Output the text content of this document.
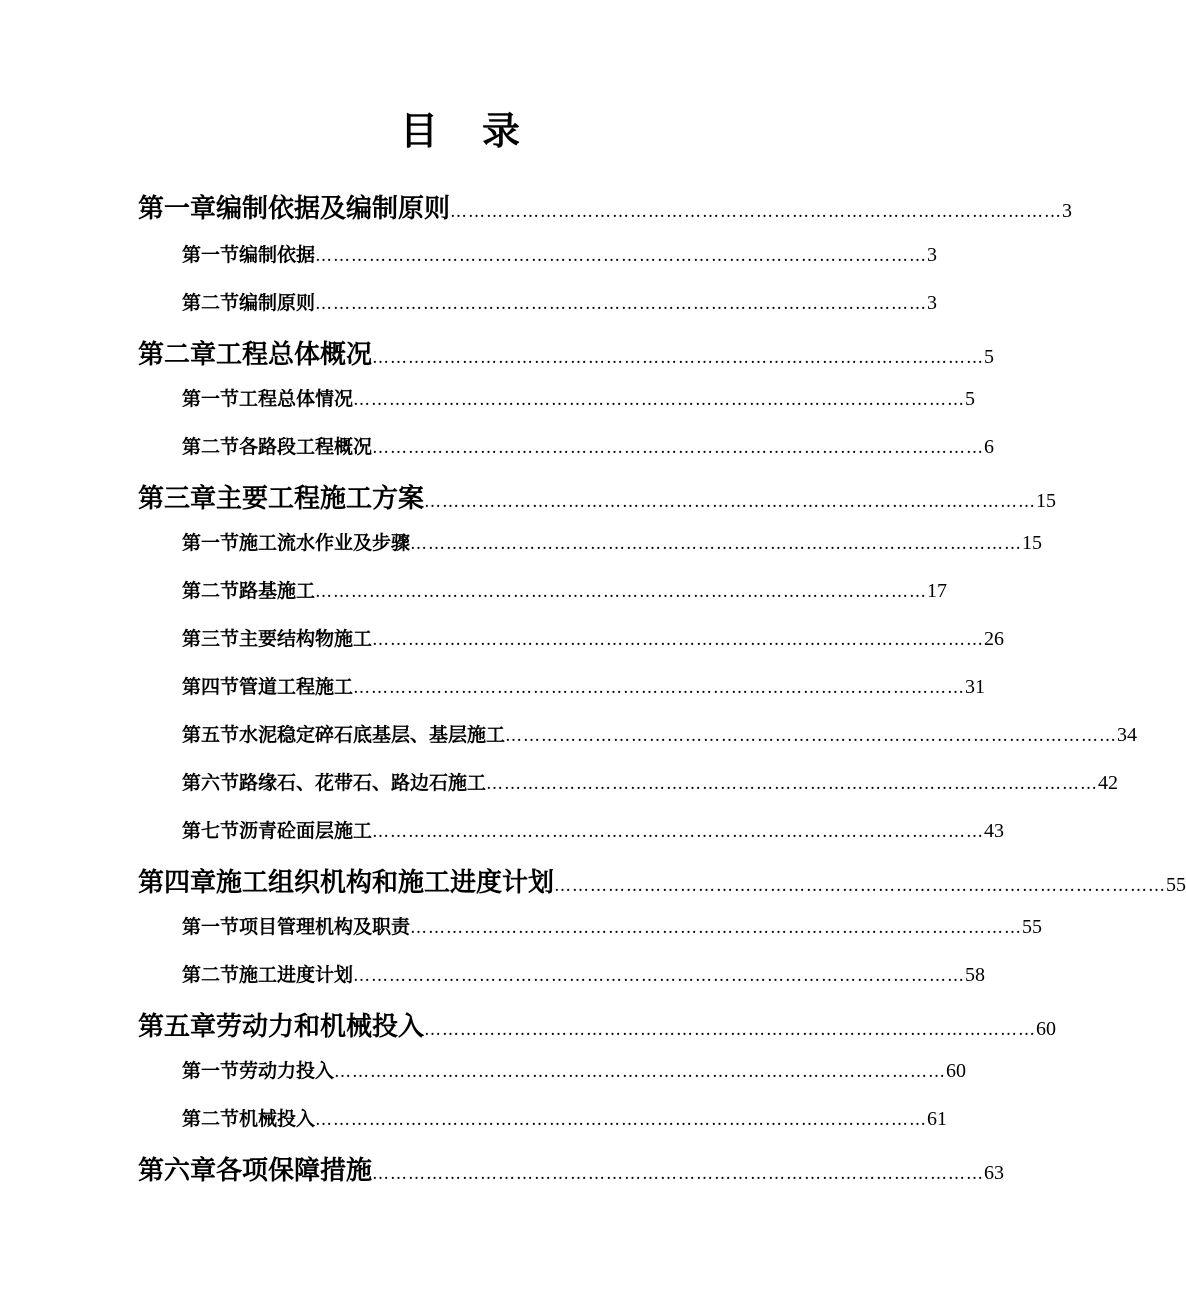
目 录
第一章 编制依据及编制原则 ………………………………………………………………………………………… 3
第一节 编制依据 ………………………………………………………………………………………… 3
第二节 编制原则 ………………………………………………………………………………………… 3
第二章 工程总体概况 ………………………………………………………………………………………… 5
第一节 工程总体情况 ………………………………………………………………………………………… 5
第二节 各路段工程概况 ………………………………………………………………………………………… 6
第三章 主要工程施工方案 ………………………………………………………………………………………… 15
第一节 施工流水作业及步骤 ………………………………………………………………………………………… 15
第二节 路基施工 ………………………………………………………………………………………… 17
第三节 主要结构物施工 ………………………………………………………………………………………… 26
第四节 管道工程施工 ………………………………………………………………………………………… 31
第五节 水泥稳定碎石底基层、基层施工 ………………………………………………………………………………………… 34
第六节 路缘石、花带石、路边石施工 ………………………………………………………………………………………… 42
第七节 沥青砼面层施工 ………………………………………………………………………………………… 43
第四章 施工组织机构和施工进度计划 ………………………………………………………………………………………… 55
第一节 项目管理机构及职责 ………………………………………………………………………………………… 55
第二节 施工进度计划 ………………………………………………………………………………………… 58
第五章 劳动力和机械投入 ………………………………………………………………………………………… 60
第一节 劳动力投入 ………………………………………………………………………………………… 60
第二节 机械投入 ………………………………………………………………………………………… 61
第六章 各项保障措施 ………………………………………………………………………………………… 63
